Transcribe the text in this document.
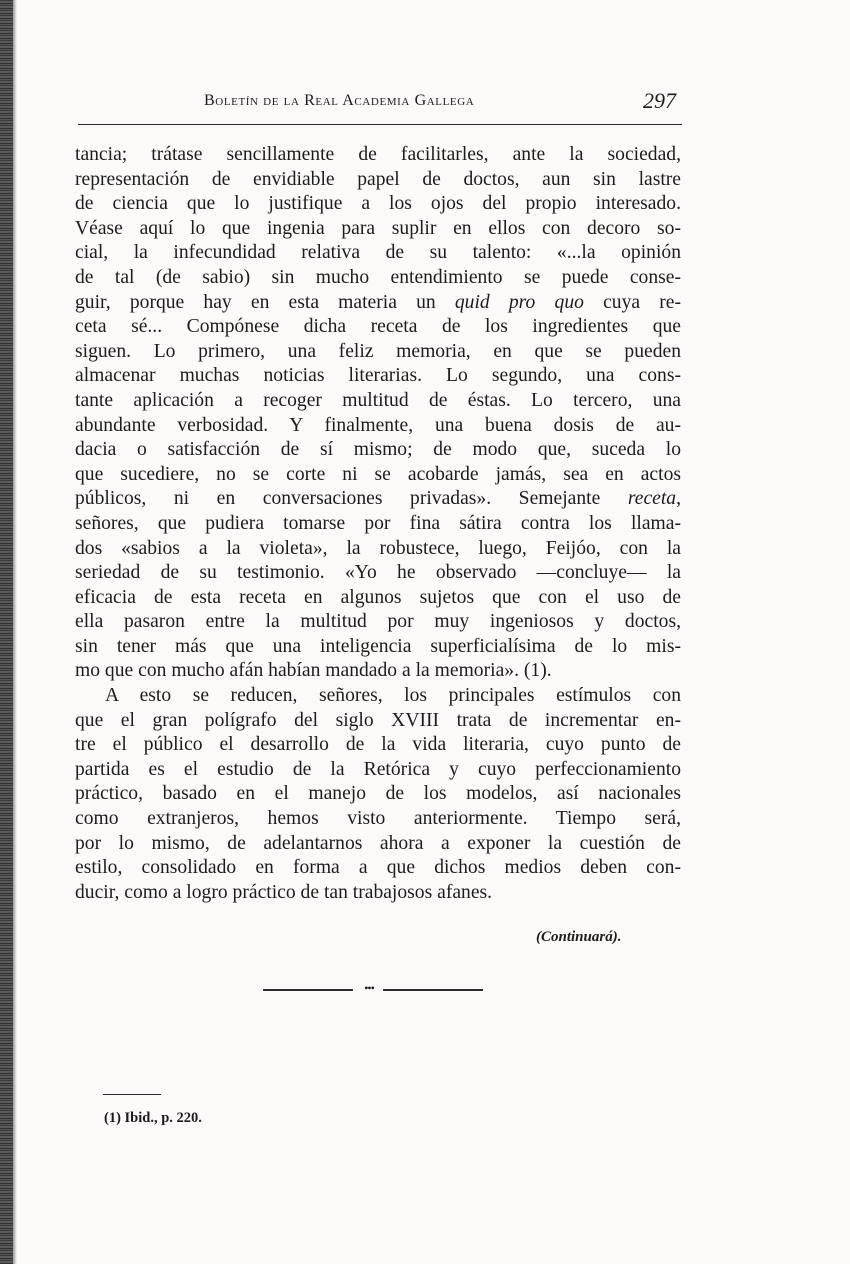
Boletín de la Real Academia Gallega	297
tancia; trátase sencillamente de facilitarles, ante la sociedad,
representación de envidiable papel de doctos, aun sin lastre
de ciencia que lo justifique a los ojos del propio interesado.
Véase aquí lo que ingenia para suplir en ellos con decoro so-
cial, la infecundidad relativa de su talento: «...la opinión
de tal (de sabio) sin mucho entendimiento se puede conse-
guir, porque hay en esta materia un quid pro quo cuya re-
ceta sé... Compónese dicha receta de los ingredientes que
siguen. Lo primero, una feliz memoria, en que se pueden
almacenar muchas noticias literarias. Lo segundo, una cons-
tante aplicación a recoger multitud de éstas. Lo tercero, una
abundante verbosidad. Y finalmente, una buena dosis de au-
dacia o satisfacción de sí mismo; de modo que, suceda lo
que sucediere, no se corte ni se acobarde jamás, sea en actos
públicos, ni en conversaciones privadas». Semejante receta,
señores, que pudiera tomarse por fina sátira contra los llama-
dos «sabios a la violeta», la robustece, luego, Feijóo, con la
seriedad de su testimonio. «Yo he observado —concluye— la
eficacia de esta receta en algunos sujetos que con el uso de
ella pasaron entre la multitud por muy ingeniosos y doctos,
sin tener más que una inteligencia superficialísima de lo mis-
mo que con mucho afán habían mandado a la memoria». (1).
A esto se reducen, señores, los principales estímulos con
que el gran polígrafo del siglo XVIII trata de incrementar en-
tre el público el desarrollo de la vida literaria, cuyo punto de
partida es el estudio de la Retórica y cuyo perfeccionamiento
práctico, basado en el manejo de los modelos, así nacionales
como extranjeros, hemos visto anteriormente. Tiempo será,
por lo mismo, de adelantarnos ahora a exponer la cuestión de
estilo, consolidado en forma a que dichos medios deben con-
ducir, como a logro práctico de tan trabajosos afanes.
(Continuará).
•••
(1) Ibid., p. 220.
